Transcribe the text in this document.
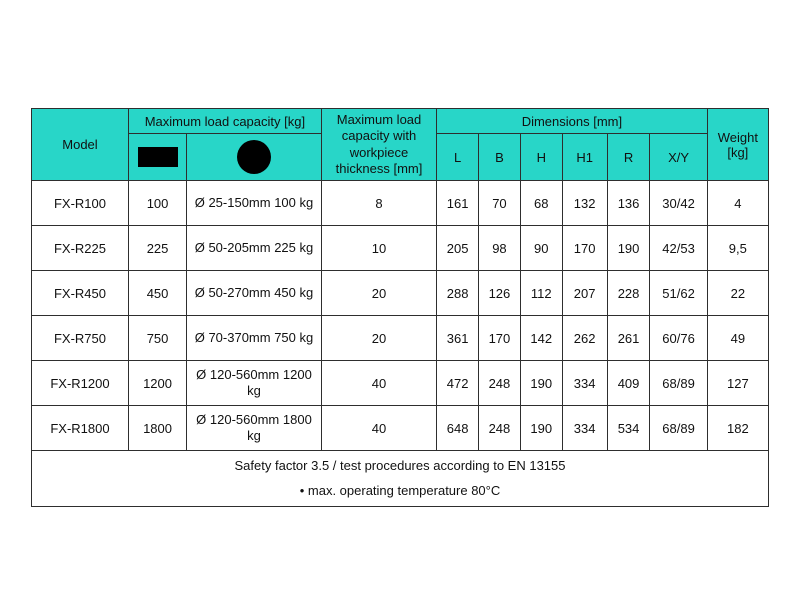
Model	Maximum load capacity [kg]		Maximum load capacity with workpiece thickness [mm]	Dimensions [mm]						Weight [kg]
				L	B	H	H1	R	X/Y	
FX-R100	100	Ø 25-150mm 100 kg	8	161	70	68	132	136	30/42	4
FX-R225	225	Ø 50-205mm 225 kg	10	205	98	90	170	190	42/53	9,5
FX-R450	450	Ø 50-270mm 450 kg	20	288	126	112	207	228	51/62	22
FX-R750	750	Ø 70-370mm 750 kg	20	361	170	142	262	261	60/76	49
FX-R1200	1200	Ø 120-560mm 1200 kg	40	472	248	190	334	409	68/89	127
FX-R1800	1800	Ø 120-560mm 1800 kg	40	648	248	190	334	534	68/89	182

Safety factor 3.5 / test procedures according to EN 13155
• max. operating temperature 80°C										
